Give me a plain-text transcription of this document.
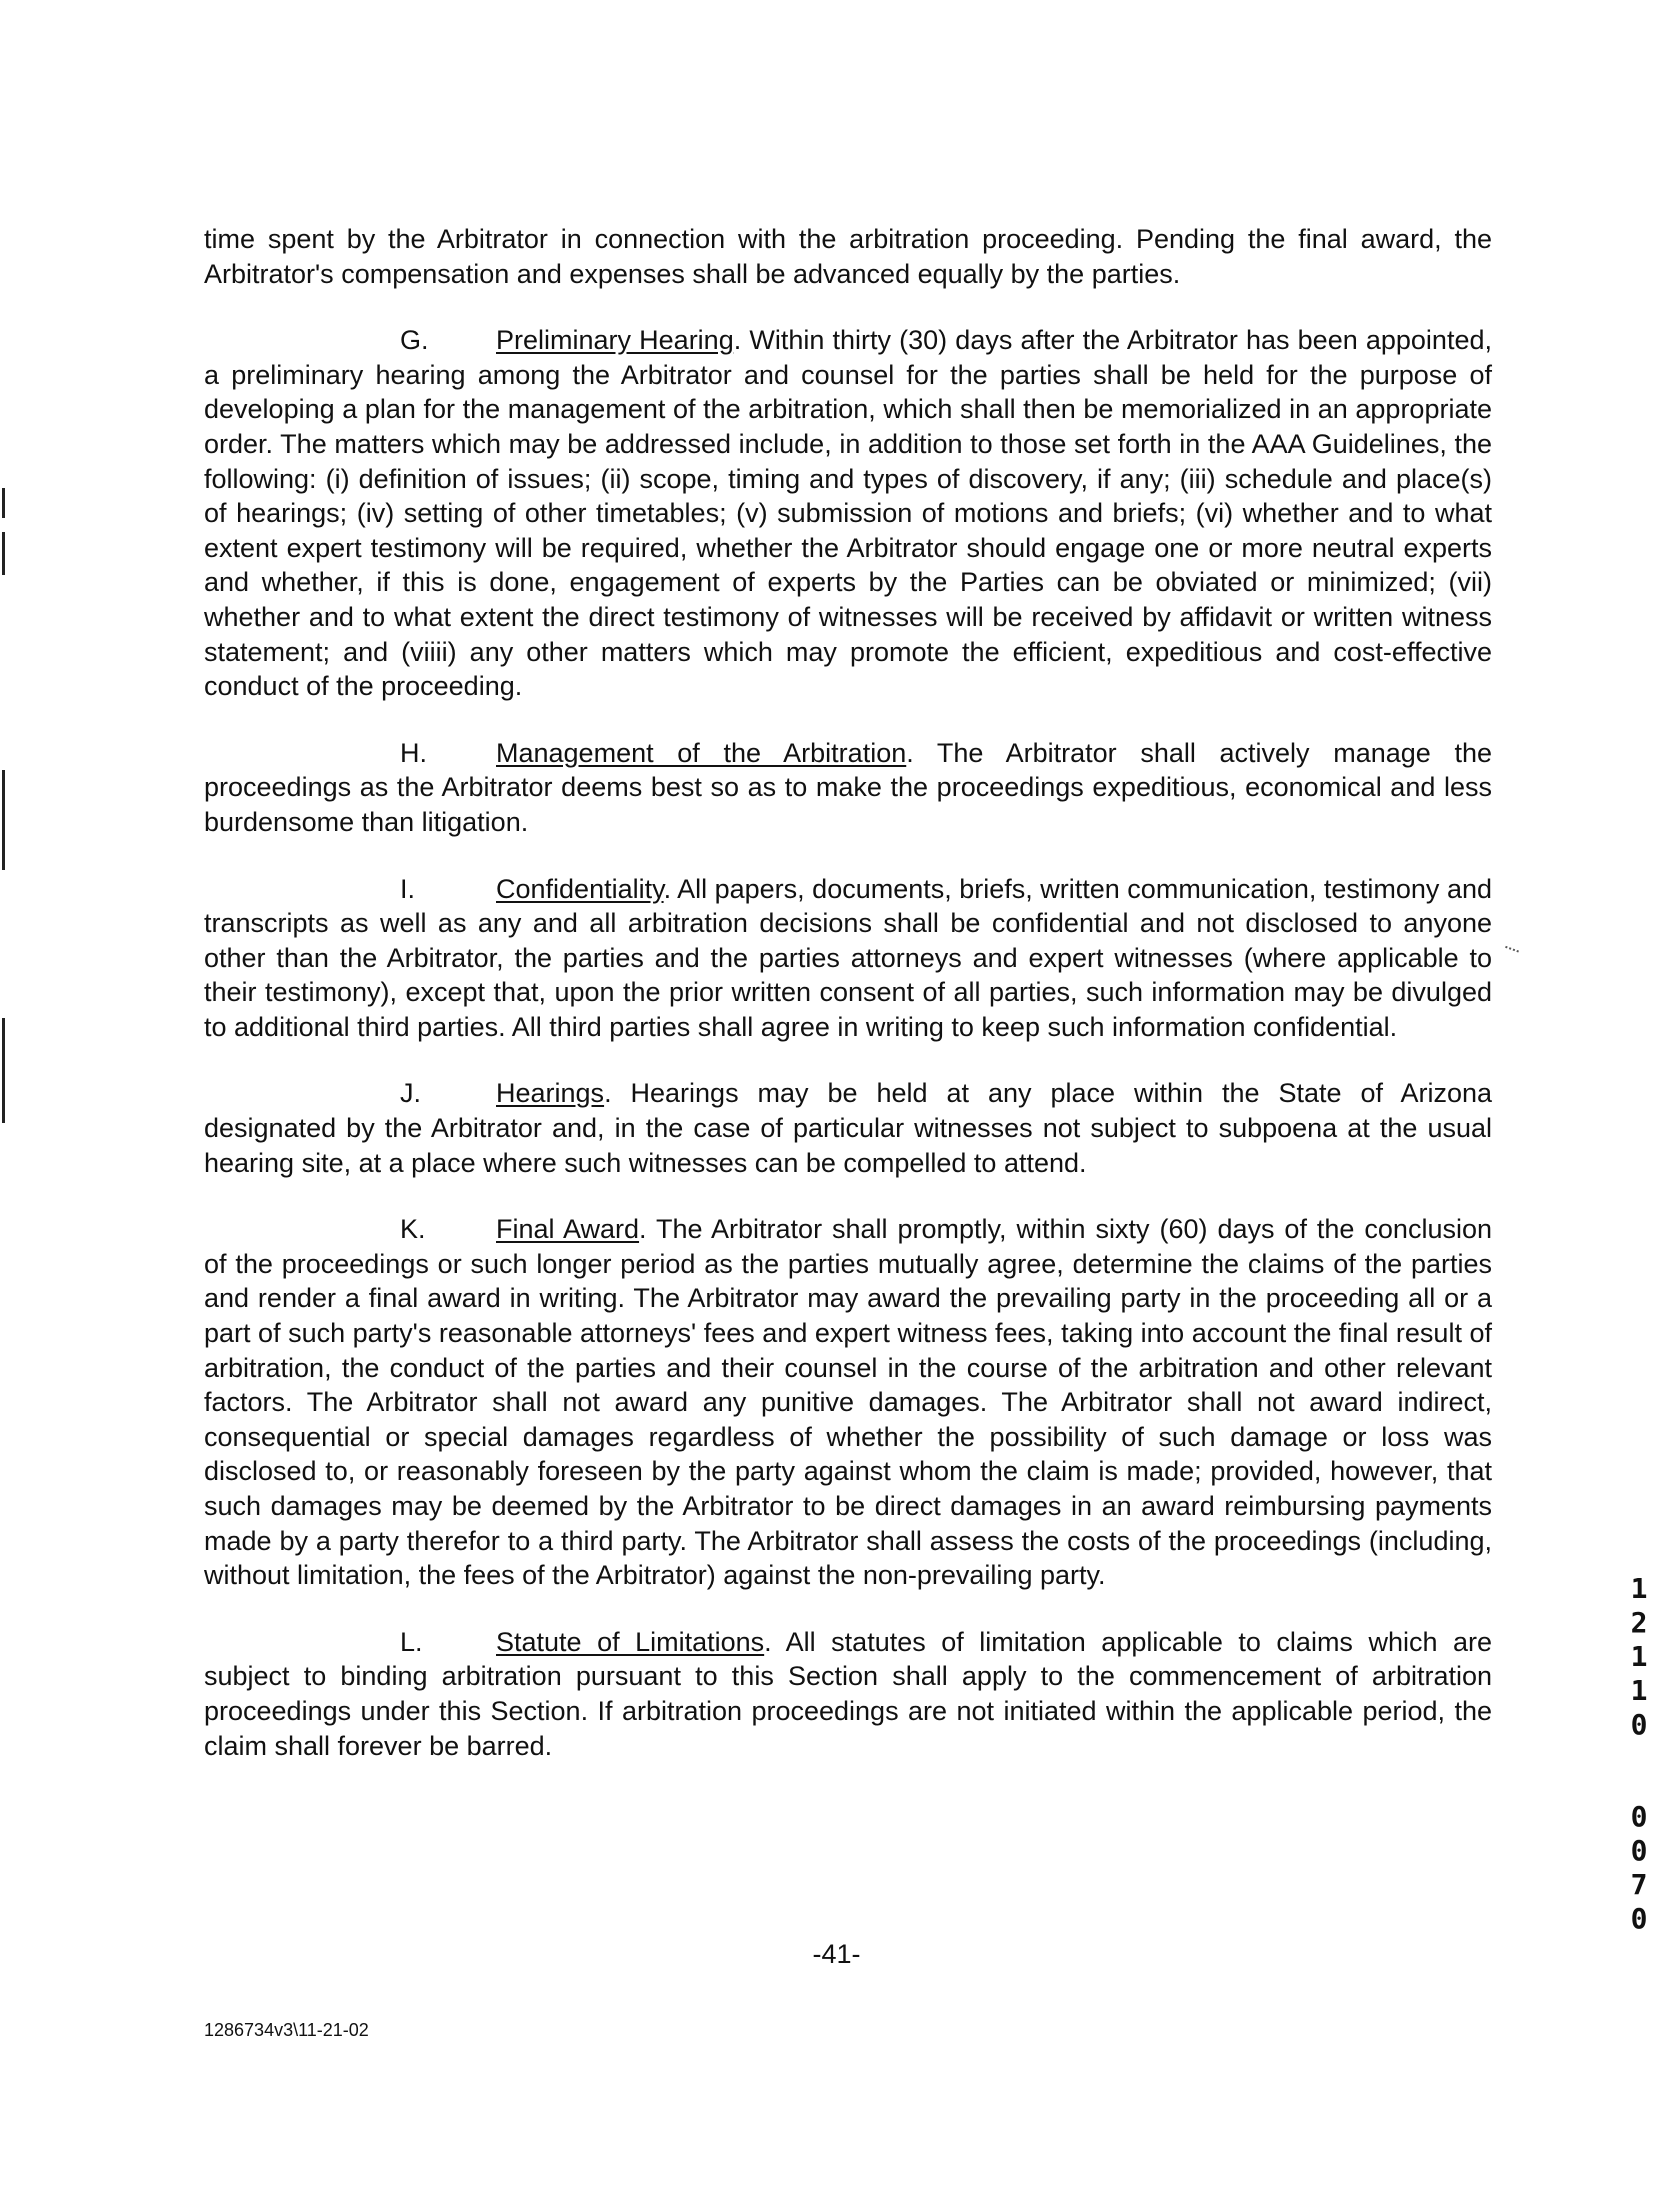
time spent by the Arbitrator in connection with the arbitration proceeding. Pending the final award, the Arbitrator's compensation and expenses shall be advanced equally by the parties.

G. Preliminary Hearing. Within thirty (30) days after the Arbitrator has been appointed, a preliminary hearing among the Arbitrator and counsel for the parties shall be held for the purpose of developing a plan for the management of the arbitration, which shall then be memorialized in an appropriate order. The matters which may be addressed include, in addition to those set forth in the AAA Guidelines, the following: (i) definition of issues; (ii) scope, timing and types of discovery, if any; (iii) schedule and place(s) of hearings; (iv) setting of other timetables; (v) submission of motions and briefs; (vi) whether and to what extent expert testimony will be required, whether the Arbitrator should engage one or more neutral experts and whether, if this is done, engagement of experts by the Parties can be obviated or minimized; (vii) whether and to what extent the direct testimony of witnesses will be received by affidavit or written witness statement; and (viiii) any other matters which may promote the efficient, expeditious and cost-effective conduct of the proceeding.

H.	Management of the Arbitration. The Arbitrator shall actively manage the proceedings as the Arbitrator deems best so as to make the proceedings expeditious, economical and less burdensome than litigation.

I.	Confidentiality. All papers, documents, briefs, written communication, testimony and transcripts as well as any and all arbitration decisions shall be confidential and not disclosed to anyone other than the Arbitrator, the parties and the parties attorneys and expert witnesses (where applicable to their testimony), except that, upon the prior written consent of all parties, such information may be divulged to additional third parties. All third parties shall agree in writing to keep such information confidential.

J.	Hearings. Hearings may be held at any place within the State of Arizona designated by the Arbitrator and, in the case of particular witnesses not subject to subpoena at the usual hearing site, at a place where such witnesses can be compelled to attend.

K.	Final Award. The Arbitrator shall promptly, within sixty (60) days of the conclusion of the proceedings or such longer period as the parties mutually agree, determine the claims of the parties and render a final award in writing. The Arbitrator may award the prevailing party in the proceeding all or a part of such party's reasonable attorneys' fees and expert witness fees, taking into account the final result of arbitration, the conduct of the parties and their counsel in the course of the arbitration and other relevant factors. The Arbitrator shall not award any punitive damages. The Arbitrator shall not award indirect, consequential or special damages regardless of whether the possibility of such damage or loss was disclosed to, or reasonably foreseen by the party against whom the claim is made; provided, however, that such damages may be deemed by the Arbitrator to be direct damages in an award reimbursing payments made by a party therefor to a third party. The Arbitrator shall assess the costs of the proceedings (including, without limitation, the fees of the Arbitrator) against the non-prevailing party.

L.	Statute of Limitations. All statutes of limitation applicable to claims which are subject to binding arbitration pursuant to this Section shall apply to the commencement of arbitration proceedings under this Section. If arbitration proceedings are not initiated within the applicable period, the claim shall forever be barred.

-41-
1286734v3\11-21-02
1
2
1
1
0
0
0
7
0
